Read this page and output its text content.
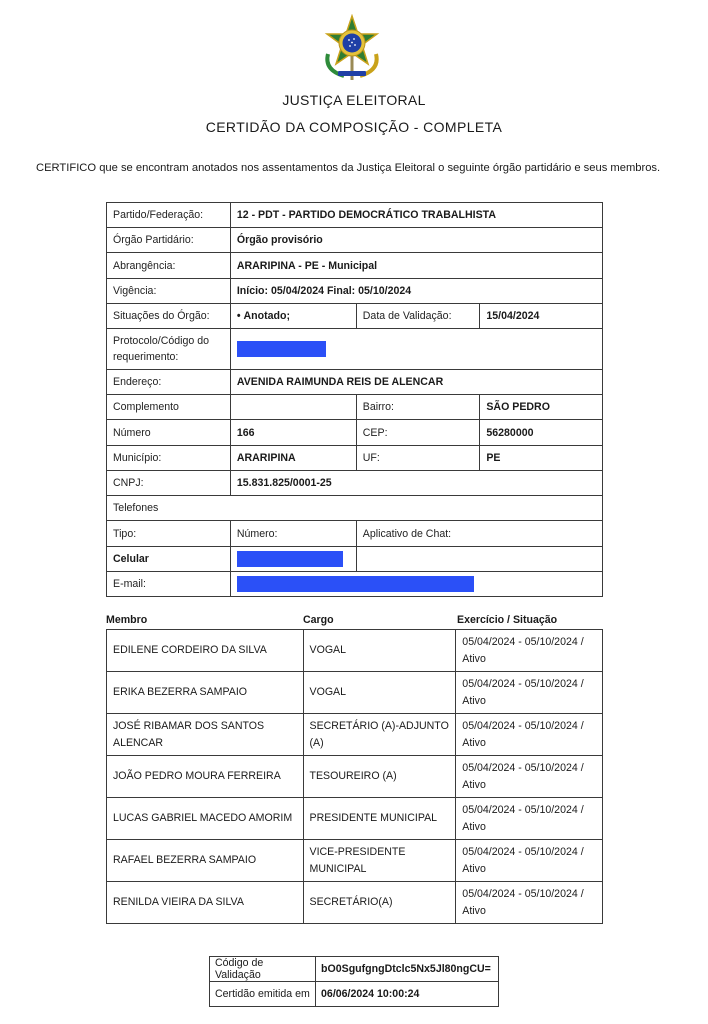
JUSTIÇA ELEITORAL
CERTIDÃO DA COMPOSIÇÃO - COMPLETA
CERTIFICO que se encontram anotados nos assentamentos da Justiça Eleitoral o seguinte órgão partidário e seus membros.
Partido/Federação:	12 - PDT - PARTIDO DEMOCRÁTICO TRABALHISTA		
Órgão Partidário:	Órgão provisório		
Abrangência:	ARARIPINA - PE - Municipal		
Vigência:	Início: 05/04/2024 Final: 05/10/2024		
Situações do Órgão:	• Anotado;	Data de Validação:	15/04/2024
Protocolo/Código do requerimento:			
Endereço:	AVENIDA RAIMUNDA REIS DE ALENCAR		
Complemento		Bairro:	SÃO PEDRO
Número	166	CEP:	56280000
Município:	ARARIPINA	UF:	PE
CNPJ:	15.831.825/0001-25		
Telefones			
Tipo:	Número:	Aplicativo de Chat:	
Celular			
E-mail:			
Membro	Cargo	Exercício / Situação
EDILENE CORDEIRO DA SILVA	VOGAL	05/04/2024 - 05/10/2024 /
Ativo

ERIKA BEZERRA SAMPAIO	VOGAL	05/04/2024 - 05/10/2024 /
Ativo

JOSÉ RIBAMAR DOS SANTOS ALENCAR	SECRETÁRIO (A)-ADJUNTO (A)	05/04/2024 - 05/10/2024 /
Ativo

JOÃO PEDRO MOURA FERREIRA	TESOUREIRO (A)	05/04/2024 - 05/10/2024 /
Ativo

LUCAS GABRIEL MACEDO AMORIM	PRESIDENTE MUNICIPAL	05/04/2024 - 05/10/2024 /
Ativo

RAFAEL BEZERRA SAMPAIO	VICE-PRESIDENTE MUNICIPAL	05/04/2024 - 05/10/2024 /
Ativo

RENILDA VIEIRA DA SILVA	SECRETÁRIO(A)	05/04/2024 - 05/10/2024 /
Ativo
Código de Validação	bO0SgufgngDtclc5Nx5Jl80ngCU=
Certidão emitida em	06/06/2024 10:00:24
